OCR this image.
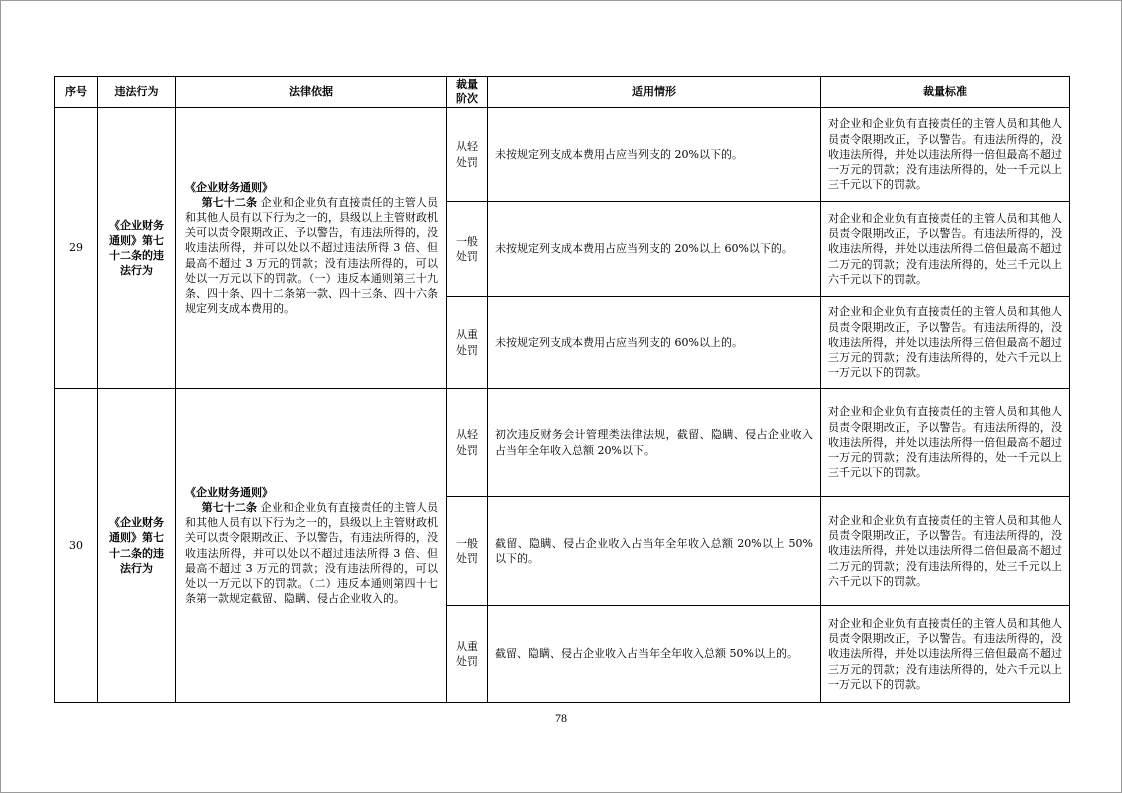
序号	违法行为	法律依据	裁量阶次	适用情形	裁量标准
29	《企业财务通则》第七十二条的违法行为	《企业财务通则》
第七十二条 企业和企业负有直接责任的主管人员和其他人员有以下行为之一的，县级以上主管财政机关可以责令限期改正、予以警告，有违法所得的，没收违法所得，并可以处以不超过违法所得 3 倍、但最高不超过 3 万元的罚款；没有违法所得的，可以处以一万元以下的罚款。（一）违反本通则第三十九条、四十条、四十二条第一款、四十三条、四十六条规定列支成本费用的。	从轻处罚	未按规定列支成本费用占应当列支的 20%以下的。	对企业和企业负有直接责任的主管人员和其他人员责令限期改正，予以警告。有违法所得的，没收违法所得，并处以违法所得一倍但最高不超过一万元的罚款；没有违法所得的，处一千元以上三千元以下的罚款。
			一般处罚	未按规定列支成本费用占应当列支的 20%以上 60%以下的。	对企业和企业负有直接责任的主管人员和其他人员责令限期改正，予以警告。有违法所得的，没收违法所得，并处以违法所得二倍但最高不超过二万元的罚款；没有违法所得的，处三千元以上六千元以下的罚款。
			从重处罚	未按规定列支成本费用占应当列支的 60%以上的。	对企业和企业负有直接责任的主管人员和其他人员责令限期改正，予以警告。有违法所得的，没收违法所得，并处以违法所得三倍但最高不超过三万元的罚款；没有违法所得的，处六千元以上一万元以下的罚款。
30	《企业财务通则》第七十二条的违法行为	《企业财务通则》
第七十二条 企业和企业负有直接责任的主管人员和其他人员有以下行为之一的，县级以上主管财政机关可以责令限期改正、予以警告，有违法所得的，没收违法所得，并可以处以不超过违法所得 3 倍、但最高不超过 3 万元的罚款；没有违法所得的，可以处以一万元以下的罚款。（二）违反本通则第四十七条第一款规定截留、隐瞒、侵占企业收入的。	从轻处罚	初次违反财务会计管理类法律法规，截留、隐瞒、侵占企业收入占当年全年收入总额 20%以下。	对企业和企业负有直接责任的主管人员和其他人员责令限期改正，予以警告。有违法所得的，没收违法所得，并处以违法所得一倍但最高不超过一万元的罚款；没有违法所得的，处一千元以上三千元以下的罚款。
			一般处罚	截留、隐瞒、侵占企业收入占当年全年收入总额 20%以上 50%以下的。	对企业和企业负有直接责任的主管人员和其他人员责令限期改正，予以警告。有违法所得的，没收违法所得，并处以违法所得二倍但最高不超过二万元的罚款；没有违法所得的，处三千元以上六千元以下的罚款。
			从重处罚	截留、隐瞒、侵占企业收入占当年全年收入总额 50%以上的。	对企业和企业负有直接责任的主管人员和其他人员责令限期改正，予以警告。有违法所得的，没收违法所得，并处以违法所得三倍但最高不超过三万元的罚款；没有违法所得的，处六千元以上一万元以下的罚款。
78
